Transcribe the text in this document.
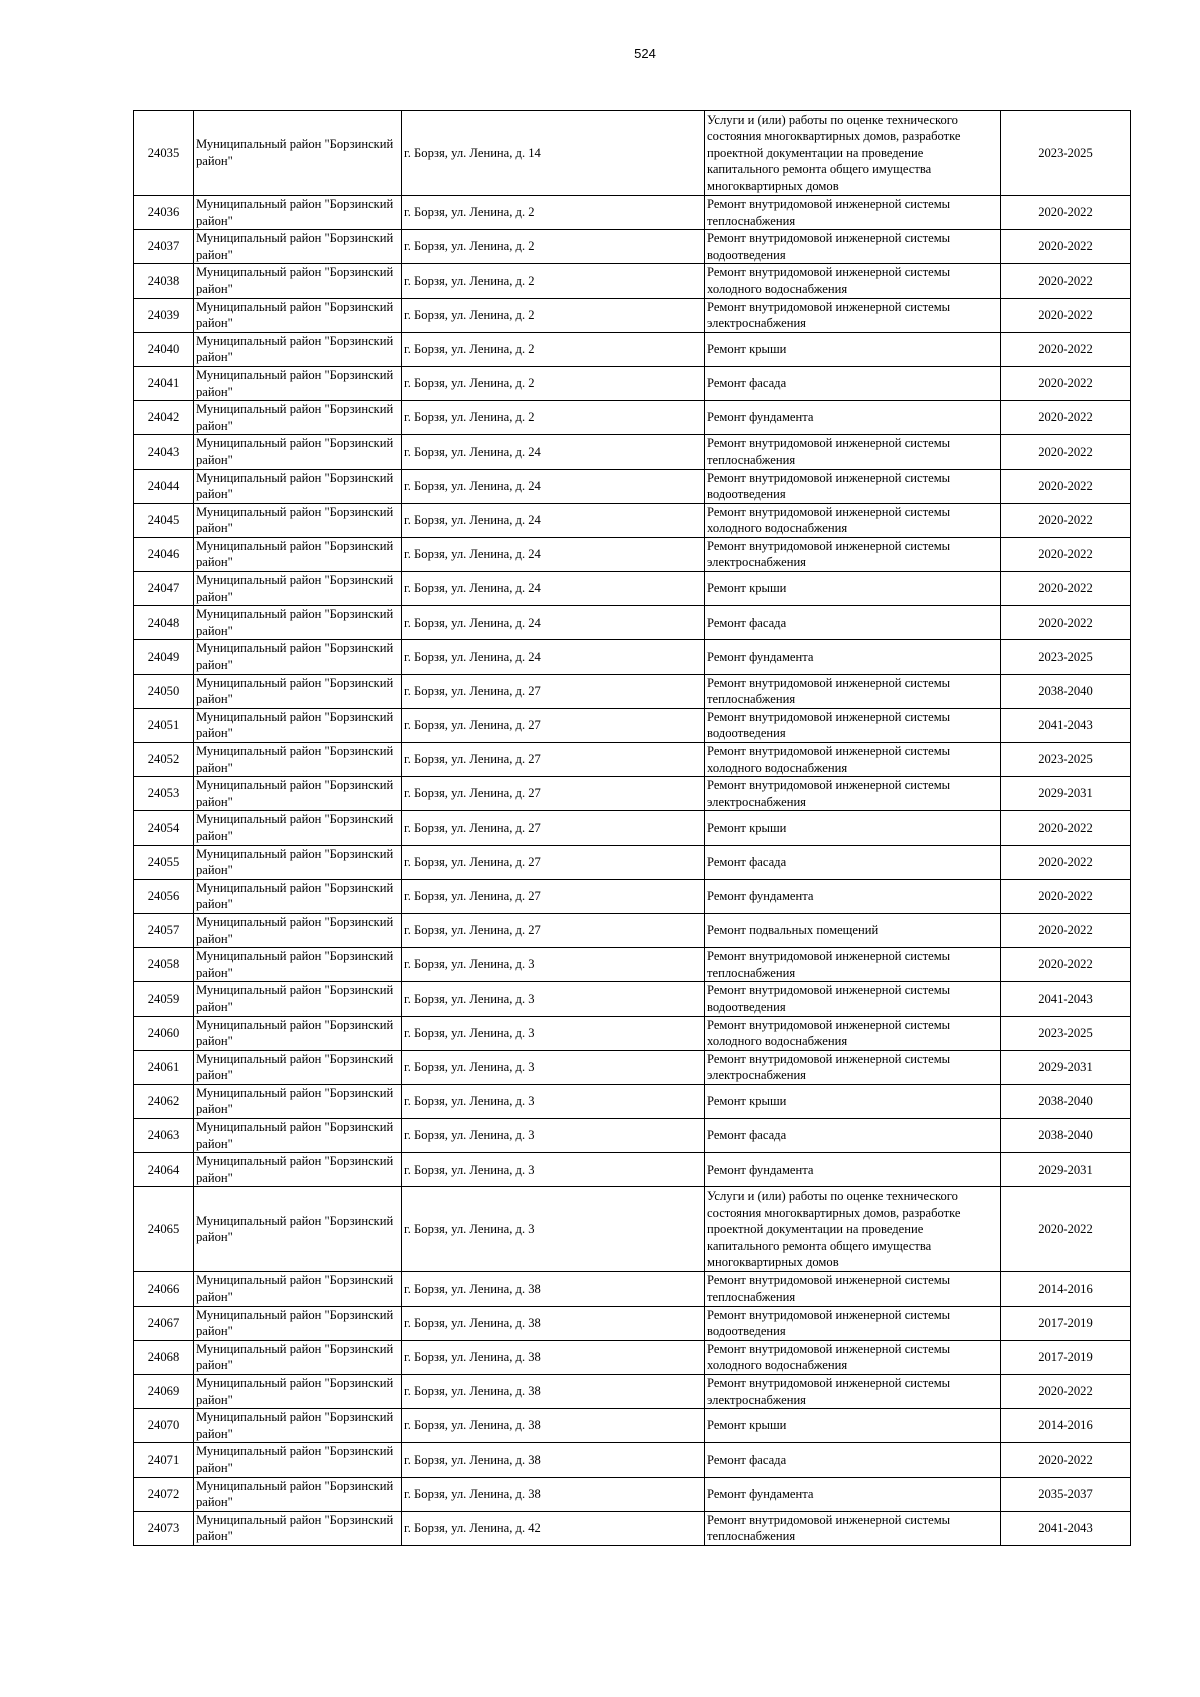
524
24035	Муниципальный район "Борзинский район"	г. Борзя, ул. Ленина, д. 14	Услуги и (или) работы по оценке технического состояния многоквартирных домов, разработке проектной документации на проведение капитального ремонта общего имущества многоквартирных домов	2023-2025
24036	Муниципальный район "Борзинский район"	г. Борзя, ул. Ленина, д. 2	Ремонт внутридомовой инженерной системы теплоснабжения	2020-2022
24037	Муниципальный район "Борзинский район"	г. Борзя, ул. Ленина, д. 2	Ремонт внутридомовой инженерной системы водоотведения	2020-2022
24038	Муниципальный район "Борзинский район"	г. Борзя, ул. Ленина, д. 2	Ремонт внутридомовой инженерной системы холодного водоснабжения	2020-2022
24039	Муниципальный район "Борзинский район"	г. Борзя, ул. Ленина, д. 2	Ремонт внутридомовой инженерной системы электроснабжения	2020-2022
24040	Муниципальный район "Борзинский район"	г. Борзя, ул. Ленина, д. 2	Ремонт крыши	2020-2022
24041	Муниципальный район "Борзинский район"	г. Борзя, ул. Ленина, д. 2	Ремонт фасада	2020-2022
24042	Муниципальный район "Борзинский район"	г. Борзя, ул. Ленина, д. 2	Ремонт фундамента	2020-2022
24043	Муниципальный район "Борзинский район"	г. Борзя, ул. Ленина, д. 24	Ремонт внутридомовой инженерной системы теплоснабжения	2020-2022
24044	Муниципальный район "Борзинский район"	г. Борзя, ул. Ленина, д. 24	Ремонт внутридомовой инженерной системы водоотведения	2020-2022
24045	Муниципальный район "Борзинский район"	г. Борзя, ул. Ленина, д. 24	Ремонт внутридомовой инженерной системы холодного водоснабжения	2020-2022
24046	Муниципальный район "Борзинский район"	г. Борзя, ул. Ленина, д. 24	Ремонт внутридомовой инженерной системы электроснабжения	2020-2022
24047	Муниципальный район "Борзинский район"	г. Борзя, ул. Ленина, д. 24	Ремонт крыши	2020-2022
24048	Муниципальный район "Борзинский район"	г. Борзя, ул. Ленина, д. 24	Ремонт фасада	2020-2022
24049	Муниципальный район "Борзинский район"	г. Борзя, ул. Ленина, д. 24	Ремонт фундамента	2023-2025
24050	Муниципальный район "Борзинский район"	г. Борзя, ул. Ленина, д. 27	Ремонт внутридомовой инженерной системы теплоснабжения	2038-2040
24051	Муниципальный район "Борзинский район"	г. Борзя, ул. Ленина, д. 27	Ремонт внутридомовой инженерной системы водоотведения	2041-2043
24052	Муниципальный район "Борзинский район"	г. Борзя, ул. Ленина, д. 27	Ремонт внутридомовой инженерной системы холодного водоснабжения	2023-2025
24053	Муниципальный район "Борзинский район"	г. Борзя, ул. Ленина, д. 27	Ремонт внутридомовой инженерной системы электроснабжения	2029-2031
24054	Муниципальный район "Борзинский район"	г. Борзя, ул. Ленина, д. 27	Ремонт крыши	2020-2022
24055	Муниципальный район "Борзинский район"	г. Борзя, ул. Ленина, д. 27	Ремонт фасада	2020-2022
24056	Муниципальный район "Борзинский район"	г. Борзя, ул. Ленина, д. 27	Ремонт фундамента	2020-2022
24057	Муниципальный район "Борзинский район"	г. Борзя, ул. Ленина, д. 27	Ремонт подвальных помещений	2020-2022
24058	Муниципальный район "Борзинский район"	г. Борзя, ул. Ленина, д. 3	Ремонт внутридомовой инженерной системы теплоснабжения	2020-2022
24059	Муниципальный район "Борзинский район"	г. Борзя, ул. Ленина, д. 3	Ремонт внутридомовой инженерной системы водоотведения	2041-2043
24060	Муниципальный район "Борзинский район"	г. Борзя, ул. Ленина, д. 3	Ремонт внутридомовой инженерной системы холодного водоснабжения	2023-2025
24061	Муниципальный район "Борзинский район"	г. Борзя, ул. Ленина, д. 3	Ремонт внутридомовой инженерной системы электроснабжения	2029-2031
24062	Муниципальный район "Борзинский район"	г. Борзя, ул. Ленина, д. 3	Ремонт крыши	2038-2040
24063	Муниципальный район "Борзинский район"	г. Борзя, ул. Ленина, д. 3	Ремонт фасада	2038-2040
24064	Муниципальный район "Борзинский район"	г. Борзя, ул. Ленина, д. 3	Ремонт фундамента	2029-2031
24065	Муниципальный район "Борзинский район"	г. Борзя, ул. Ленина, д. 3	Услуги и (или) работы по оценке технического состояния многоквартирных домов, разработке проектной документации на проведение капитального ремонта общего имущества многоквартирных домов	2020-2022
24066	Муниципальный район "Борзинский район"	г. Борзя, ул. Ленина, д. 38	Ремонт внутридомовой инженерной системы теплоснабжения	2014-2016
24067	Муниципальный район "Борзинский район"	г. Борзя, ул. Ленина, д. 38	Ремонт внутридомовой инженерной системы водоотведения	2017-2019
24068	Муниципальный район "Борзинский район"	г. Борзя, ул. Ленина, д. 38	Ремонт внутридомовой инженерной системы холодного водоснабжения	2017-2019
24069	Муниципальный район "Борзинский район"	г. Борзя, ул. Ленина, д. 38	Ремонт внутридомовой инженерной системы электроснабжения	2020-2022
24070	Муниципальный район "Борзинский район"	г. Борзя, ул. Ленина, д. 38	Ремонт крыши	2014-2016
24071	Муниципальный район "Борзинский район"	г. Борзя, ул. Ленина, д. 38	Ремонт фасада	2020-2022
24072	Муниципальный район "Борзинский район"	г. Борзя, ул. Ленина, д. 38	Ремонт фундамента	2035-2037
24073	Муниципальный район "Борзинский район"	г. Борзя, ул. Ленина, д. 42	Ремонт внутридомовой инженерной системы теплоснабжения	2041-2043
